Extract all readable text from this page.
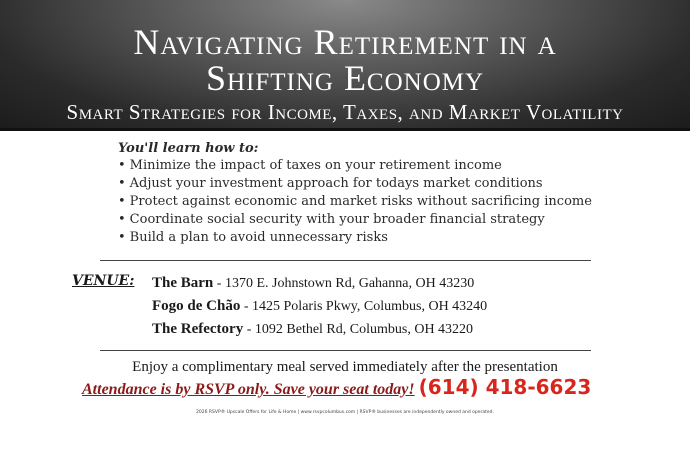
Navigating Retirement in a
Shifting Economy
Smart Strategies for Income, Taxes, and Market Volatility
You'll learn how to:
• Minimize the impact of taxes on your retirement income
• Adjust your investment approach for todays market conditions
• Protect against economic and market risks without sacrificing income
• Coordinate social security with your broader financial strategy
• Build a plan to avoid unnecessary risks
VENUE: The Barn - 1370 E. Johnstown Rd, Gahanna, OH 43230
Fogo de Chão - 1425 Polaris Pkwy, Columbus, OH 43240
The Refectory - 1092 Bethel Rd, Columbus, OH 43220
Enjoy a complimentary meal served immediately after the presentation
Attendance is by RSVP only. Save your seat today! (614) 418-6623
2026 RSVP® Upscale Offers for Life & Home | www.rsvpcolumbus.com | RSVP® businesses are independently owned and operated.
